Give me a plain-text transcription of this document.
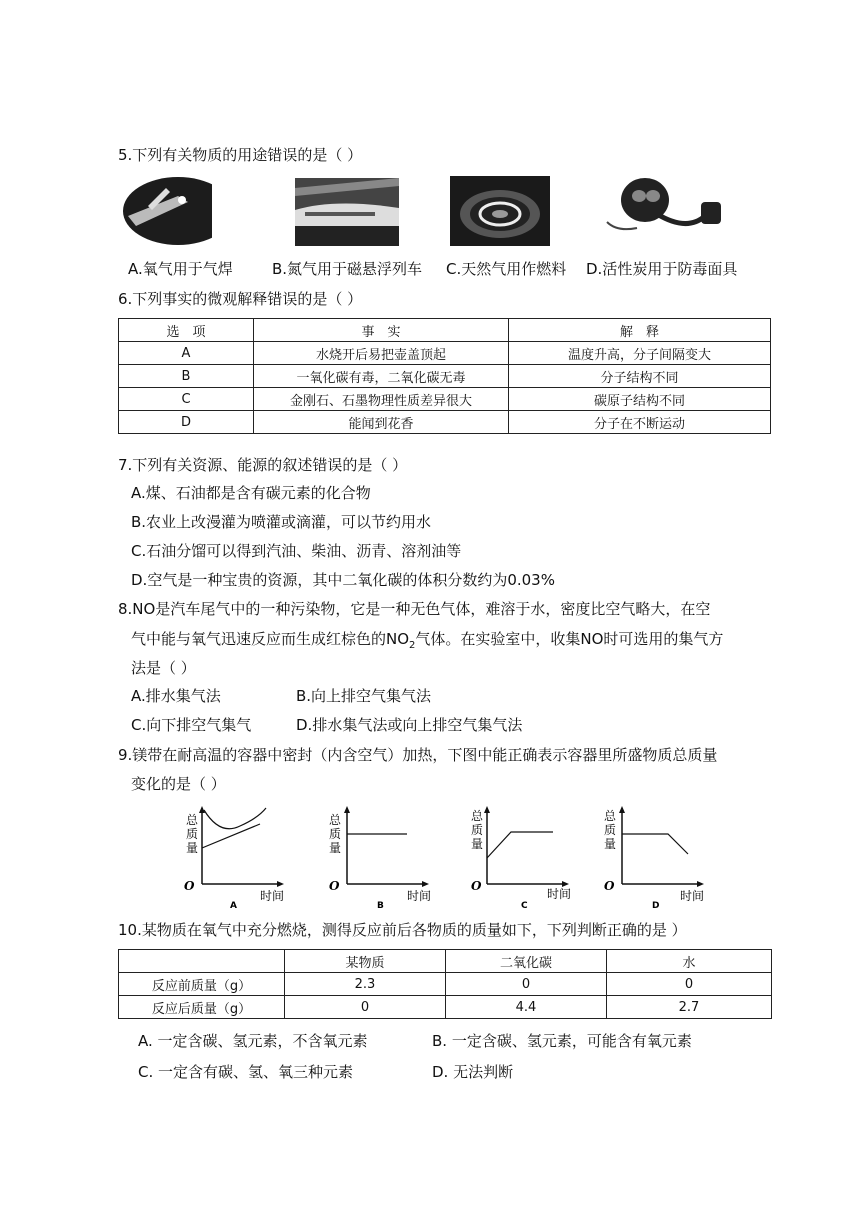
5.下列有关物质的用途错误的是（ ）
A.氧气用于气焊	B.氮气用于磁悬浮列车 C.天然气用作燃料 D.活性炭用于防毒面具
6.下列事实的微观解释错误的是（ ）
选　项	事　实	解　释
A	水烧开后易把壶盖顶起	温度升高，分子间隔变大
B	一氧化碳有毒，二氧化碳无毒	分子结构不同
C	金刚石、石墨物理性质差异很大	碳原子结构不同
D	能闻到花香	分子在不断运动
7.下列有关资源、能源的叙述错误的是（ ）
A.煤、石油都是含有碳元素的化合物
B.农业上改漫灌为喷灌或滴灌，可以节约用水
C.石油分馏可以得到汽油、柴油、沥青、溶剂油等
D.空气是一种宝贵的资源，其中二氧化碳的体积分数约为0.03%
8.NO是汽车尾气中的一种污染物，它是一种无色气体，难溶于水，密度比空气略大，在空
气中能与氧气迅速反应而生成红棕色的$NO_2$气体。在实验室中，收集NO时可选用的集气方
法是（ ）
A.排水集气法	B.向上排空气集气法
C.向下排空气集气	D.排水集气法或向上排空气集气法
9.镁带在耐高温的容器中密封（内含空气）加热，下图中能正确表示容器里所盛物质总质量
变化的是（ ）
总
质
量
O
时间
A
总
质
量
O
时间
B
总
质
量
O
时间
C
总
质
量
O
时间
D
10.某物质在氧气中充分燃烧，测得反应前后各物质的质量如下，下列判断正确的是 ）
	某物质	二氧化碳	水
反应前质量（g）	2.3	0	0
反应后质量（g）	0	4.4	2.7
A. 一定含碳、氢元素，不含氧元素	B. 一定含碳、氢元素，可能含有氧元素
C. 一定含有碳、氢、氧三种元素	D. 无法判断
